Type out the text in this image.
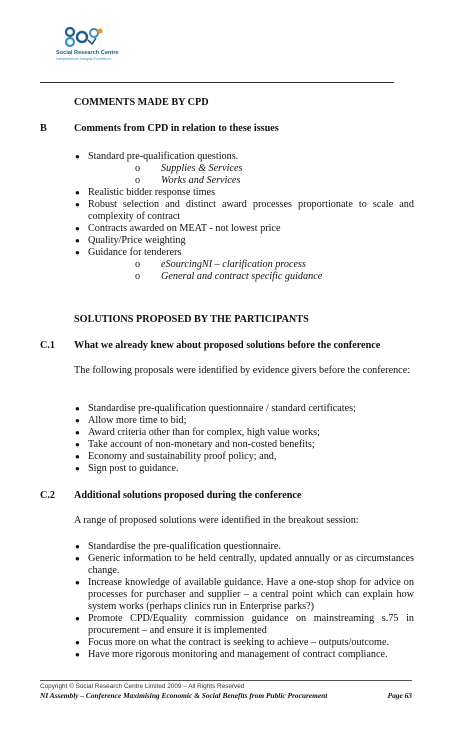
Social Research Centre
Independence Integrity Excellence
COMMENTS MADE BY CPD
B	Comments from CPD in relation to these issues
● Standard pre-qualification questions.
o Supplies & Services
o Works and Services
● Realistic bidder response times
● Robust selection and distinct award processes proportionate to scale and complexity of contract
● Contracts awarded on MEAT - not lowest price
● Quality/Price weighting
● Guidance for tenderers
o eSourcingNI – clarification process
o General and contract specific guidance
SOLUTIONS PROPOSED BY THE PARTICIPANTS
C.1 What we already knew about proposed solutions before the conference
The following proposals were identified by evidence givers before the conference:
● Standardise pre-qualification questionnaire / standard certificates;
● Allow more time to bid;
● Award criteria other than for complex, high value works;
● Take account of non-monetary and non-costed benefits;
● Economy and sustainability proof policy; and,
● Sign post to guidance.
C.2 Additional solutions proposed during the conference
A range of proposed solutions were identified in the breakout session:
● Standardise the pre-qualification questionnaire.
● Generic information to be held centrally, updated annually or as circumstances change.
● Increase knowledge of available guidance. Have a one-stop shop for advice on processes for purchaser and supplier – a central point which can explain how system works (perhaps clinics run in Enterprise parks?)
● Promote CPD/Equality commission guidance on mainstreaming s.75 in procurement – and ensure it is implemented
● Focus more on what the contract is seeking to achieve – outputs/outcome.
● Have more rigorous monitoring and management of contract compliance.
Copyright © Social Research Centre Limited 2009 – All Rights Reserved
NI Assembly – Conference Maximising Economic & Social Benefits from Public Procurement	Page 63
